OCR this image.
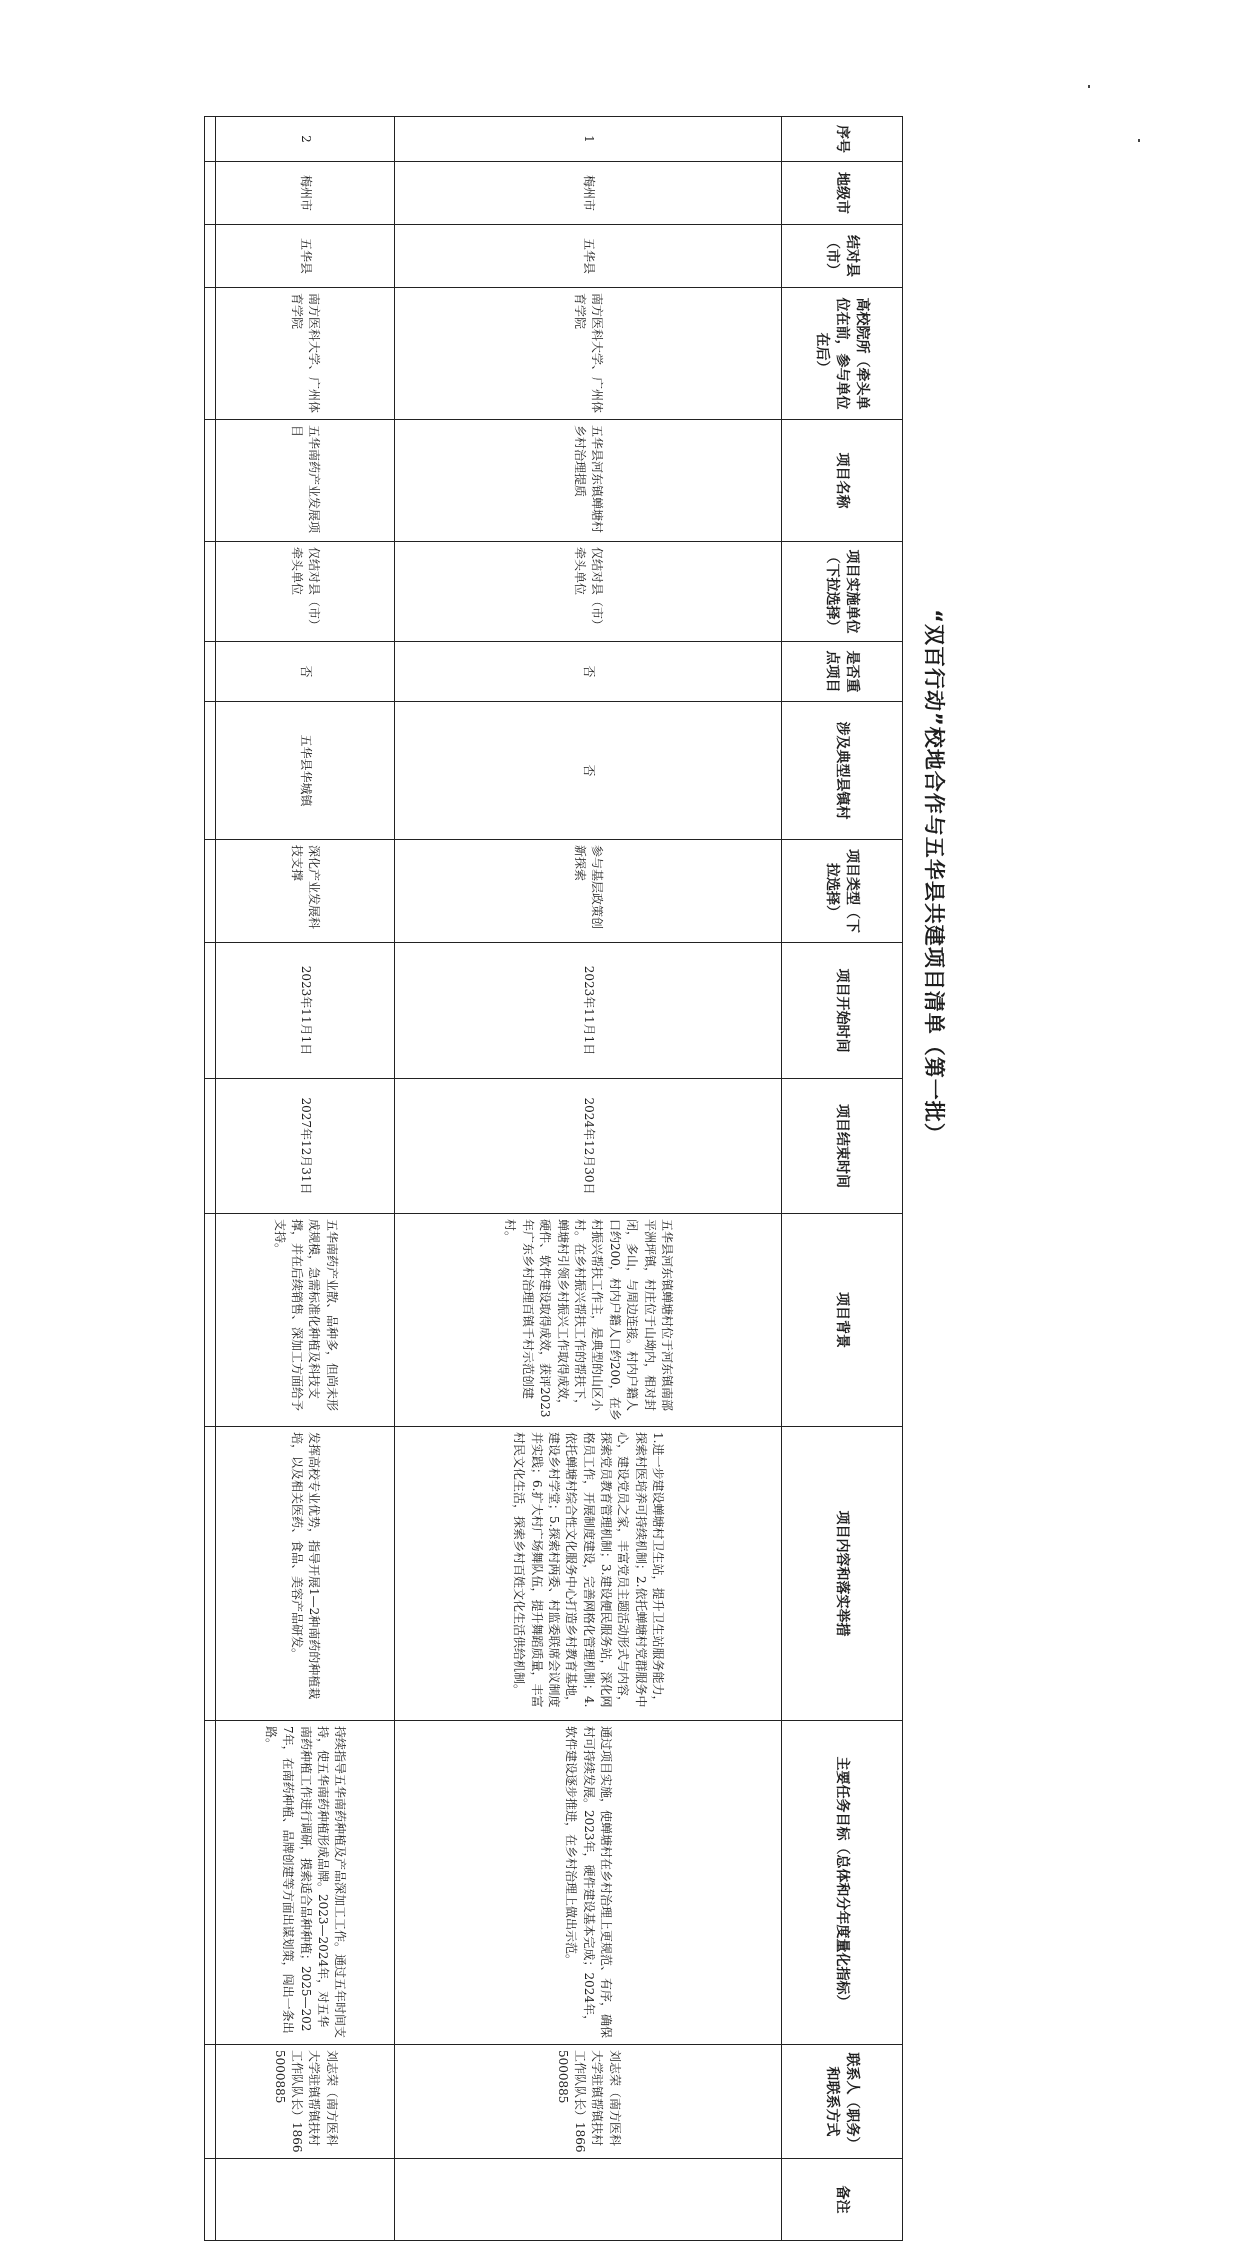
“双百行动”校地合作与五华县共建项目清单（第一批）
序号	地级市	结对县（市）	高校院所（牵头单位在前，参与单位在后）	项目名称	项目实施单位（下拉选择）	是否重点项目	涉及典型县镇村	项目类型（下拉选择）	项目开始时间	项目结束时间	项目背景	项目内容和落实举措	主要任务目标（总体和分年度量化指标）	联系人（职务）和联系方式	备注
1	梅州市	五华县	南方医科大学、广州体育学院	五华县河东镇蝉塘村乡村治理提质	仅结对县（市）牵头单位	否	否	参与基层政策创新探索	2023年11月1日	2024年12月30日	五华县河东镇蝉塘村位于河东镇南部平洲坪镇，村庄位于山坳内，相对封闭，多山，与周边连接。村内户籍人口约200，村内户籍人口约200，在乡村振兴帮扶工作主，是典型的山区小村。在乡村振兴帮扶工作的帮扶下，蝉塘村引领乡村振兴工作取得成效，硬件、软件建设取得成效，获评2023年广东乡村治理百镇千村示范创建村。	1.进一步建设蝉塘村卫生站，提升卫生站服务能力，探索村医培养可持续机制；2.依托蝉塘村党群服务中心，建设党员之家，丰富党员主题活动形式与内容，探索党员教育管理机制；3.建设便民服务站，深化网格员工作，开展制度建设，完善网格化管理机制；4.依托蝉塘村综合性文化服务中心打造乡村教育基地，建设乡村学堂；5.探索村两委、村监委联席会议制度并实践；6.扩大村广场舞队伍，提升舞蹈质量，丰富村民文化生活，探索乡村百姓文化生活供给机制。	通过项目实施，使蝉塘村在乡村治理上更规范、有序，确保村可持续发展。2023年，硬件建设基本完成；2024年，软件建设逐步推进，在乡村治理上做出示范。	刘志荣（南方医科大学驻镇帮镇扶村工作队队长）18665000885	
2	梅州市	五华县	南方医科大学、广州体育学院	五华南药产业发展项目	仅结对县（市）牵头单位	否	五华县华城镇	深化产业发展科技支撑	2023年11月1日	2027年12月31日	五华南药产业散、品种多，但尚未形成规模，急需标准化种植及科技支撑，并在后续销售、深加工方面给予支持。	发挥高校专业优势，指导开展1—2种南药的种植栽培，以及相关医药、食品、美容产品研发。	持续指导五华南药种植及产品深加工工作。通过五年时间支持，使五华南药种植形成品牌。2023—2024年，对五华南药种植工作进行调研，摸索适合品种种植；2025—2027年，在南药种植、品牌创建等方面出谋划策，闯出一条出路。	刘志荣（南方医科大学驻镇帮镇扶村工作队队长）18665000885	
